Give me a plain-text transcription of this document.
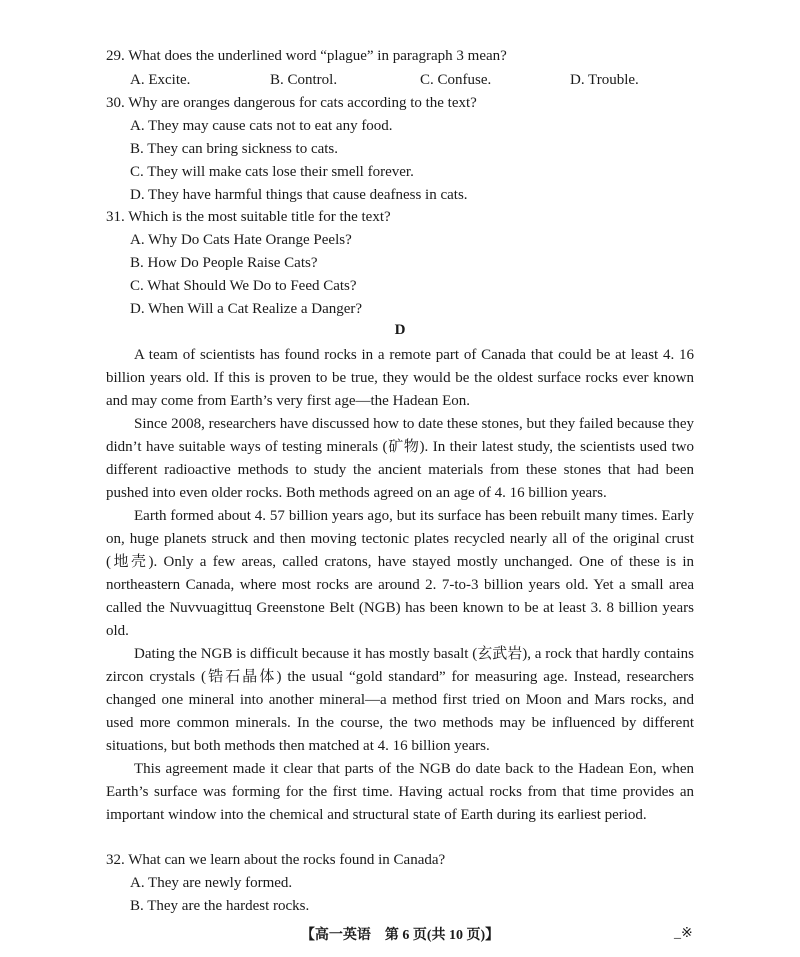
29. What does the underlined word “plague” in paragraph 3 mean?
A. Excite.	B. Control.	C. Confuse.	D. Trouble.
30. Why are oranges dangerous for cats according to the text?
A. They may cause cats not to eat any food.
B. They can bring sickness to cats.
C. They will make cats lose their smell forever.
D. They have harmful things that cause deafness in cats.
31. Which is the most suitable title for the text?
A. Why Do Cats Hate Orange Peels?
B. How Do People Raise Cats?
C. What Should We Do to Feed Cats?
D. When Will a Cat Realize a Danger?
D
A team of scientists has found rocks in a remote part of Canada that could be at least 4. 16 billion years old. If this is proven to be true, they would be the oldest surface rocks ever known and may come from Earth’s very first age—the Hadean Eon.
Since 2008, researchers have discussed how to date these stones, but they failed because they didn’t have suitable ways of testing minerals (矿物). In their latest study, the scientists used two different radioactive methods to study the ancient materials from these stones that had been pushed into even older rocks. Both methods agreed on an age of 4. 16 billion years.
Earth formed about 4. 57 billion years ago, but its surface has been rebuilt many times. Early on, huge planets struck and then moving tectonic plates recycled nearly all of the original crust (地壳). Only a few areas, called cratons, have stayed mostly unchanged. One of these is in northeastern Canada, where most rocks are around 2. 7-to-3 billion years old. Yet a small area called the Nuvvuagittuq Greenstone Belt (NGB) has been known to be at least 3. 8 billion years old.
Dating the NGB is difficult because it has mostly basalt (玄武岩), a rock that hardly contains zircon crystals (锆石晶体) the usual “gold standard” for measuring age. Instead, researchers changed one mineral into another mineral—a method first tried on Moon and Mars rocks, and used more common minerals. In the course, the two methods may be influenced by different situations, but both methods then matched at 4. 16 billion years.
This agreement made it clear that parts of the NGB do date back to the Hadean Eon, when Earth’s surface was forming for the first time. Having actual rocks from that time provides an important window into the chemical and structural state of Earth during its earliest period.
32. What can we learn about the rocks found in Canada?
A. They are newly formed.
B. They are the hardest rocks.
【高一英语　第 6 页(共 10 页)】	_※
